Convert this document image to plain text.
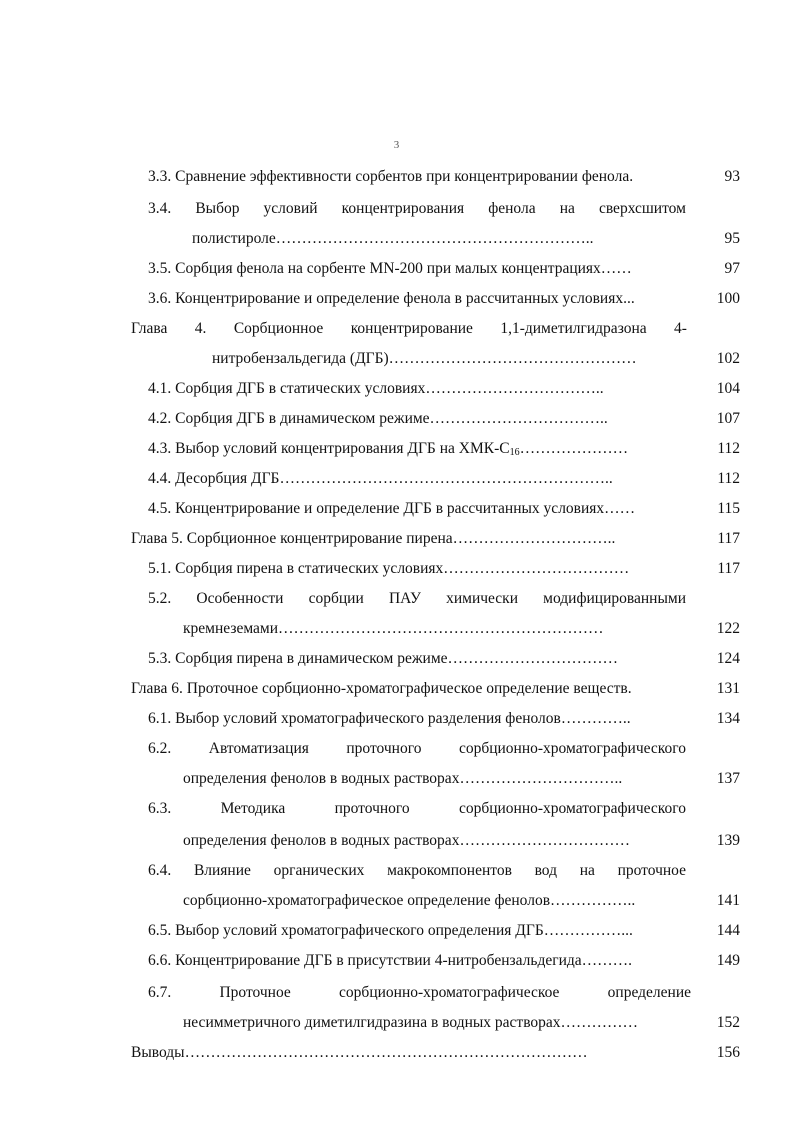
3
3.3. Сравнение эффективности сорбентов при концентрировании фенола.	93
3.4. Выбор условий концентрирования фенола на сверхсшитом
полистироле……………………………………………………..	95
3.5. Сорбция фенола на сорбенте MN-200 при малых концентрациях……	97
3.6. Концентрирование и определение фенола в рассчитанных условиях...	100
Глава 4. Сорбционное концентрирование 1,1-диметилгидразона 4-
нитробензальдегида (ДГБ)…………………………………………	102
4.1. Сорбция ДГБ в статических условиях……………………………..	104
4.2. Сорбция ДГБ в динамическом режиме……………………………..	107
4.3. Выбор условий концентрирования ДГБ на ХМК-$С_{16}\dots\dots\dots\dots\dots\dots\dots$	112
4.4. Десорбция ДГБ………………………………………………………..	112
4.5. Концентрирование и определение ДГБ в рассчитанных условиях……	115
Глава 5. Сорбционное концентрирование пирена…………………………..	117
5.1. Сорбция пирена в статических условиях………………………………	117
5.2. Особенности сорбции ПАУ химически модифицированными
кремнеземами………………………………………………………	122
5.3. Сорбция пирена в динамическом режиме……………………………	124
Глава 6. Проточное сорбционно-хроматографическое определение веществ.	131
6.1. Выбор условий хроматографического разделения фенолов…………..	134
6.2. Автоматизация проточного сорбционно-хроматографического
определения фенолов в водных растворах…………………………..	137
6.3.	Методика	проточного	сорбционно-хроматографического
определения фенолов в водных растворах……………………………	139
6.4. Влияние органических макрокомпонентов вод на проточное
сорбционно-хроматографическое определение фенолов……………..	141
6.5. Выбор условий хроматографического определения ДГБ……………...	144
6.6. Концентрирование ДГБ в присутствии 4-нитробензальдегида……….	149
6.7.	Проточное	сорбционно-хроматографическое	определение
несимметричного диметилгидразина в водных растворах……………	152
Выводы……………………………………………………………………	156
